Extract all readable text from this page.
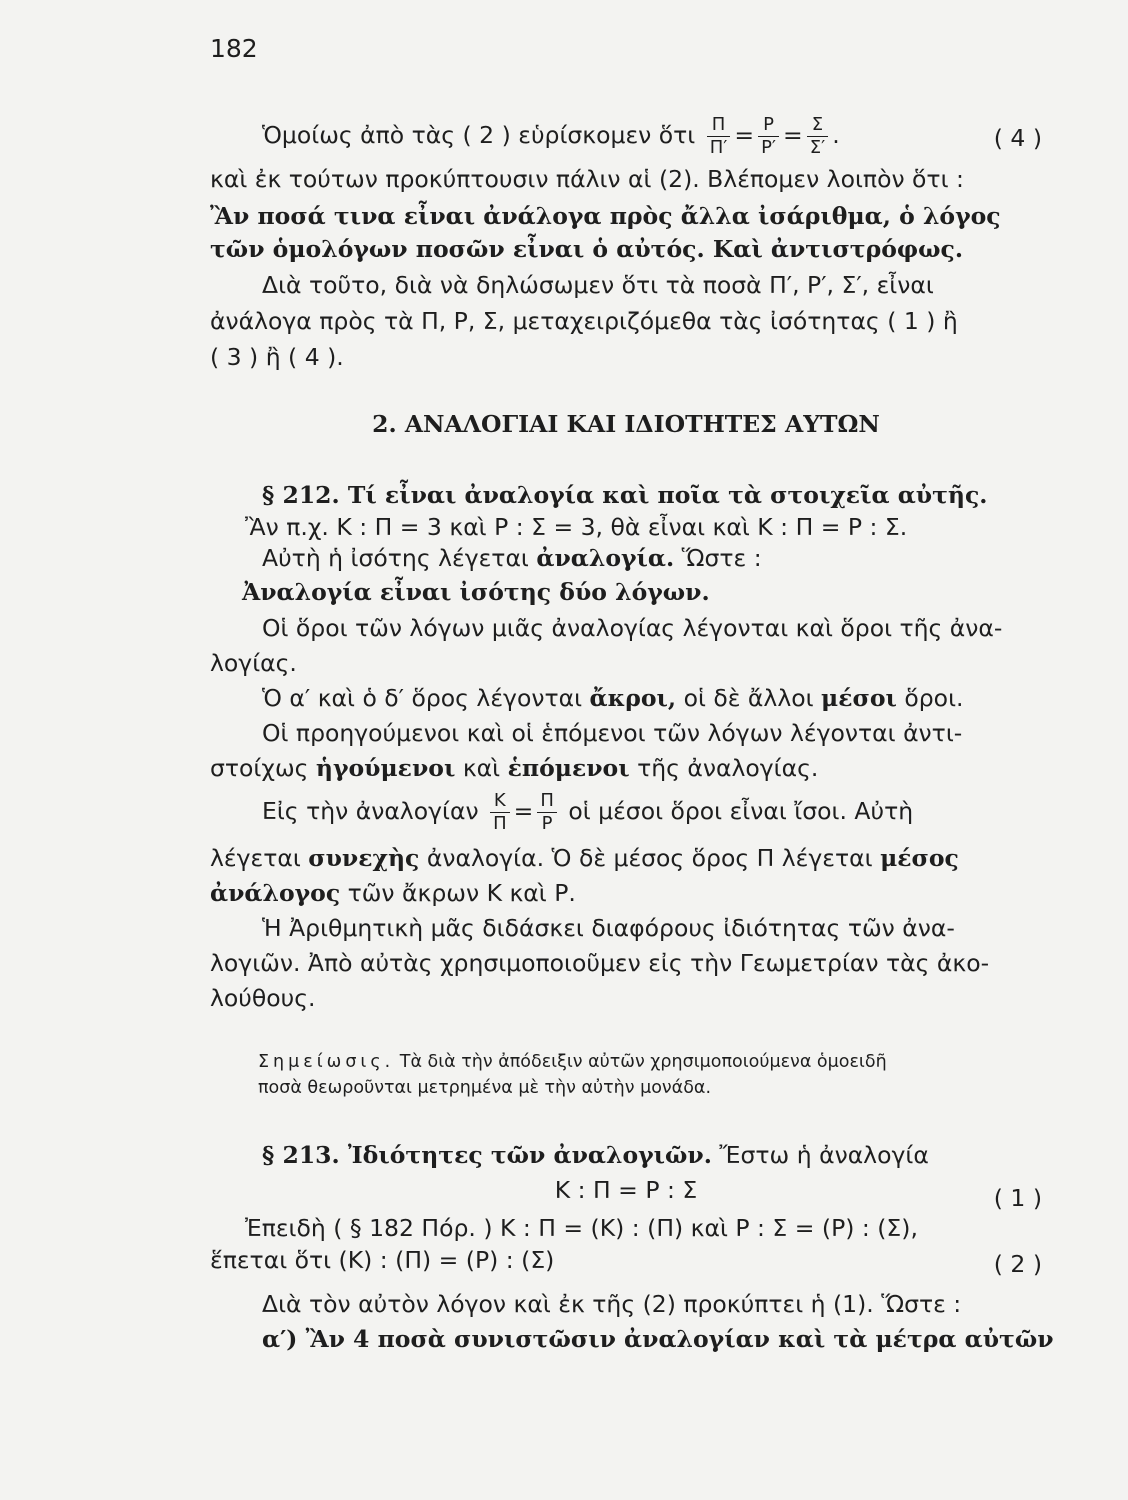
182
Ὁμοίως ἀπὸ τὰς ( 2 ) εὑρίσκομεν ὅτι $\frac{\Pi}{\Pi'} = \frac{P}{P'} = \frac{\Sigma}{\Sigma'}$ .	( 4 )
καὶ ἐκ τούτων προκύπτουσιν πάλιν αἱ (2). Βλέπομεν λοιπὸν ὅτι :
Ἂν ποσά τινα εἶναι ἀνάλογα πρὸς ἄλλα ἰσάριθμα, ὁ λόγος
τῶν ὁμολόγων ποσῶν εἶναι ὁ αὐτός. Καὶ ἀντιστρόφως.
Διὰ τοῦτο, διὰ νὰ δηλώσωμεν ὅτι τὰ ποσὰ Π′, Ρ′, Σ′, εἶναι
ἀνάλογα πρὸς τὰ Π, Ρ, Σ, μεταχειριζόμεθα τὰς ἰσότητας ( 1 ) ἢ
( 3 ) ἢ ( 4 ).
2. ΑΝΑΛΟΓΙΑΙ ΚΑΙ ΙΔΙΟΤΗΤΕΣ ΑΥΤΩΝ
§ 212. Τί εἶναι ἀναλογία καὶ ποῖα τὰ στοιχεῖα αὐτῆς.
Ἂν π.χ. Κ : Π = 3 καὶ Ρ : Σ = 3, θὰ εἶναι καὶ Κ : Π = Ρ : Σ.
Αὐτὴ ἡ ἰσότης λέγεται ἀναλογία. Ὥστε :
Ἀναλογία εἶναι ἰσότης δύο λόγων.
Οἱ ὅροι τῶν λόγων μιᾶς ἀναλογίας λέγονται καὶ ὅροι τῆς ἀνα-
λογίας.
Ὁ α′ καὶ ὁ δ′ ὅρος λέγονται ἄκροι, οἱ δὲ ἄλλοι μέσοι ὅροι.
Οἱ προηγούμενοι καὶ οἱ ἑπόμενοι τῶν λόγων λέγονται ἀντι-
στοίχως ἡγούμενοι καὶ ἑπόμενοι τῆς ἀναλογίας.
Εἰς τὴν ἀναλογίαν $\frac{K}{\Pi} = \frac{\Pi}{P}$ οἱ μέσοι ὅροι εἶναι ἴσοι. Αὐτὴ
λέγεται συνεχὴς ἀναλογία. Ὁ δὲ μέσος ὅρος Π λέγεται μέσος
ἀνάλογος τῶν ἄκρων Κ καὶ Ρ.
Ἡ Ἀριθμητικὴ μᾶς διδάσκει διαφόρους ἰδιότητας τῶν ἀνα-
λογιῶν. Ἀπὸ αὐτὰς χρησιμοποιοῦμεν εἰς τὴν Γεωμετρίαν τὰς ἀκο-
λούθους.
Σημείωσις. Τὰ διὰ τὴν ἀπόδειξιν αὐτῶν χρησιμοποιούμενα ὁμοειδῆ
ποσὰ θεωροῦνται μετρημένα μὲ τὴν αὐτὴν μονάδα.
§ 213. Ἰδιότητες τῶν ἀναλογιῶν. Ἔστω ἡ ἀναλογία
Κ : Π = Ρ : Σ	( 1 )
Ἐπειδὴ ( § 182 Πόρ. ) Κ : Π = (Κ) : (Π) καὶ Ρ : Σ = (Ρ) : (Σ),
ἕπεται ὅτι (Κ) : (Π) = (Ρ) : (Σ)	( 2 )
Διὰ τὸν αὐτὸν λόγον καὶ ἐκ τῆς (2) προκύπτει ἡ (1). Ὥστε :
α′) Ἂν 4 ποσὰ συνιστῶσιν ἀναλογίαν καὶ τὰ μέτρα αὐτῶν
